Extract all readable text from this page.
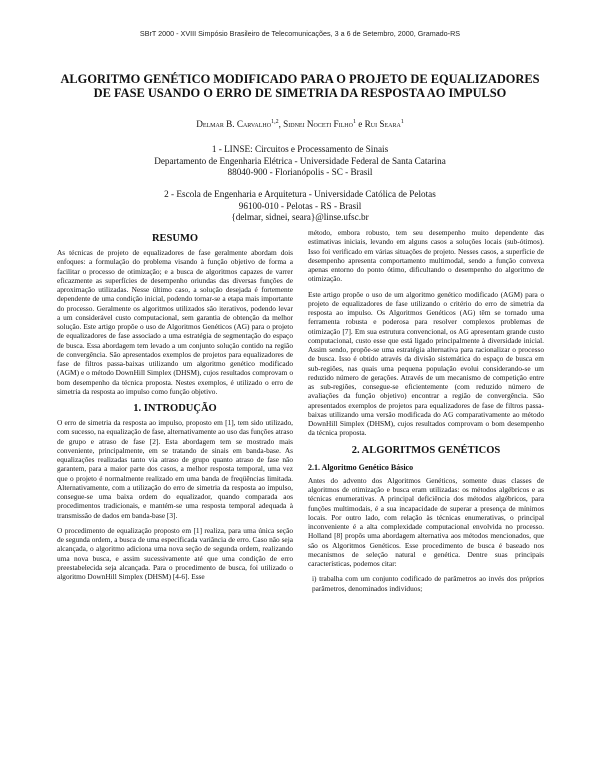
SBrT 2000 - XVIII Simpósio Brasileiro de Telecomunicações, 3 a 6 de Setembro, 2000, Gramado-RS
ALGORITMO GENÉTICO MODIFICADO PARA O PROJETO DE EQUALIZADORES DE FASE USANDO O ERRO DE SIMETRIA DA RESPOSTA AO IMPULSO
Delmar B. Carvalho$^{1,2}$, Sidnei Noceti Filho$^1$ e Rui Seara$^1$
1 - LINSE: Circuitos e Processamento de Sinais
Departamento de Engenharia Elétrica - Universidade Federal de Santa Catarina
88040-900 - Florianópolis - SC - Brasil
2 - Escola de Engenharia e Arquitetura - Universidade Católica de Pelotas
96100-010 - Pelotas - RS - Brasil
{delmar, sidnei, seara}@linse.ufsc.br
RESUMO

As técnicas de projeto de equalizadores de fase geralmente abordam dois enfoques: a formulação do problema visando à função objetivo de forma a facilitar o processo de otimização; e a busca de algoritmos capazes de varrer eficazmente as superfícies de desempenho oriundas das diversas funções de aproximação utilizadas. Nesse último caso, a solução desejada é fortemente dependente de uma condição inicial, podendo tornar-se a etapa mais importante do processo. Geralmente os algoritmos utilizados são iterativos, podendo levar a um considerável custo computacional, sem garantia de obtenção da melhor solução. Este artigo propõe o uso de Algoritmos Genéticos (AG) para o projeto de equalizadores de fase associado a uma estratégia de segmentação do espaço de busca. Essa abordagem tem levado a um conjunto solução contido na região de convergência. São apresentados exemplos de projetos para equalizadores de fase de filtros passa-baixas utilizando um algoritmo genético modificado (AGM) e o método DownHill Simplex (DHSM), cujos resultados comprovam o bom desempenho da técnica proposta. Nestes exemplos, é utilizado o erro de simetria da resposta ao impulso como função objetivo.

1. INTRODUÇÃO

O erro de simetria da resposta ao impulso, proposto em [1], tem sido utilizado, com sucesso, na equalização de fase, alternativamente ao uso das funções atraso de grupo e atraso de fase [2]. Esta abordagem tem se mostrado mais conveniente, principalmente, em se tratando de sinais em banda-base. As equalizações realizadas tanto via atraso de grupo quanto atraso de fase não garantem, para a maior parte dos casos, a melhor resposta temporal, uma vez que o projeto é normalmente realizado em uma banda de freqüências limitada. Alternativamente, com a utilização do erro de simetria da resposta ao impulso, consegue-se uma baixa ordem do equalizador, quando comparada aos procedimentos tradicionais, e mantém-se uma resposta temporal adequada à transmissão de dados em banda-base [3].

O procedimento de equalização proposto em [1] realiza, para uma única seção de segunda ordem, a busca de uma especificada variância de erro. Caso não seja alcançada, o algoritmo adiciona uma nova seção de segunda ordem, realizando uma nova busca, e assim sucessivamente até que uma condição de erro preestabelecida seja alcançada. Para o procedimento de busca, foi utilizado o algoritmo DownHill Simplex (DHSM) [4-6]. Esse

método, embora robusto, tem seu desempenho muito dependente das estimativas iniciais, levando em alguns casos a soluções locais (sub-ótimos). Isso foi verificado em várias situações de projeto. Nesses casos, a superfície de desempenho apresenta comportamento multimodal, sendo a função convexa apenas entorno do ponto ótimo, dificultando o desempenho do algoritmo de otimização.

Este artigo propõe o uso de um algoritmo genético modificado (AGM) para o projeto de equalizadores de fase utilizando o critério do erro de simetria da resposta ao impulso. Os Algoritmos Genéticos (AG) têm se tornado uma ferramenta robusta e poderosa para resolver complexos problemas de otimização [7]. Em sua estrutura convencional, os AG apresentam grande custo computacional, custo esse que está ligado principalmente à diversidade inicial. Assim sendo, propõe-se uma estratégia alternativa para racionalizar o processo de busca. Isso é obtido através da divisão sistemática do espaço de busca em sub-regiões, nas quais uma pequena população evolui considerando-se um reduzido número de gerações. Através de um mecanismo de competição entre as sub-regiões, consegue-se eficientemente (com reduzido número de avaliações da função objetivo) encontrar a região de convergência. São apresentados exemplos de projetos para equalizadores de fase de filtros passa-baixas utilizando uma versão modificada do AG comparativamente ao método DownHill Simplex (DHSM), cujos resultados comprovam o bom desempenho da técnica proposta.

2. ALGORITMOS GENÉTICOS
2.1. Algoritmo Genético Básico

Antes do advento dos Algoritmos Genéticos, somente duas classes de algoritmos de otimização e busca eram utilizadas: os métodos algébricos e as técnicas enumerativas. A principal deficiência dos métodos algébricos, para funções multimodais, é a sua incapacidade de superar a presença de mínimos locais. Por outro lado, com relação às técnicas enumerativas, o principal inconveniente é a alta complexidade computacional envolvida no processo. Holland [8] propôs uma abordagem alternativa aos métodos mencionados, que são os Algoritmos Genéticos. Esse procedimento de busca é baseado nos mecanismos de seleção natural e genética. Dentre suas principais características, podemos citar:

i) trabalha com um conjunto codificado de parâmetros ao invés dos próprios parâmetros, denominados indivíduos;
